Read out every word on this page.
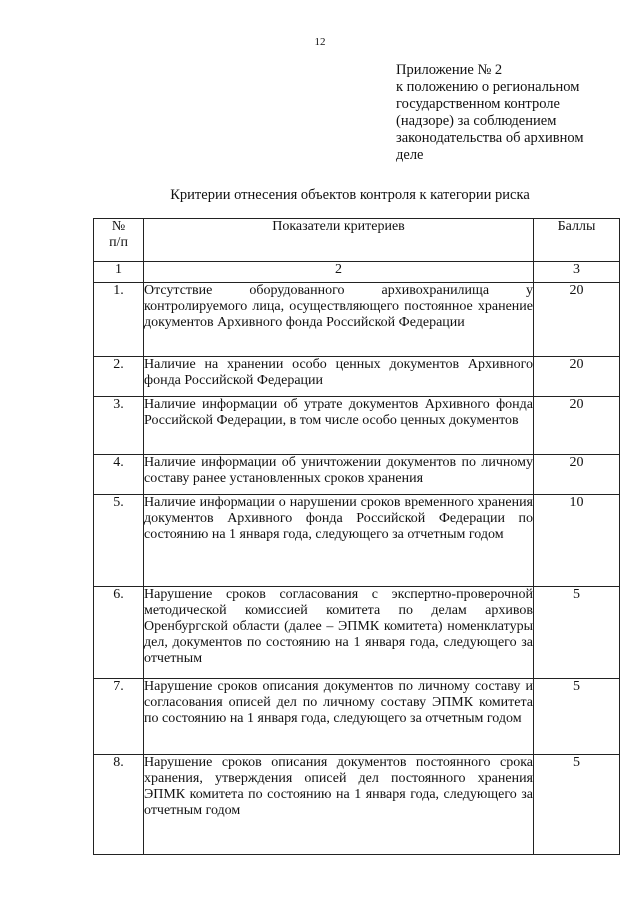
12
Приложение № 2
к положению о региональном
государственном контроле
(надзоре) за соблюдением
законодательства об архивном
деле
Критерии отнесения объектов контроля к категории риска
№
п/п	Показатели критериев	Баллы
1	2	3
1.	Отсутствие оборудованного архивохранилища у контролируемого лица, осуществляющего постоянное хранение документов Архивного фонда Российской Федерации	20
2.	Наличие на хранении особо ценных документов Архивного фонда Российской Федерации	20
3.	Наличие информации об утрате документов Архивного фонда Российской Федерации, в том числе особо ценных документов	20
4.	Наличие информации об уничтожении документов по личному составу ранее установленных сроков хранения	20
5.	Наличие информации о нарушении сроков временного хранения документов Архивного фонда Российской Федерации по состоянию на 1 января года, следующего за отчетным годом	10
6.	Нарушение сроков согласования с экспертно-проверочной методической комиссией комитета по делам архивов Оренбургской области (далее – ЭПМК комитета) номенклатуры дел, документов по состоянию на 1 января года, следующего за отчетным	5
7.	Нарушение сроков описания документов по личному составу и согласования описей дел по личному составу ЭПМК комитета по состоянию на 1 января года, следующего за отчетным годом	5
8.	Нарушение сроков описания документов постоянного срока хранения, утверждения описей дел постоянного хранения ЭПМК комитета по состоянию на 1 января года, следующего за отчетным годом	5
